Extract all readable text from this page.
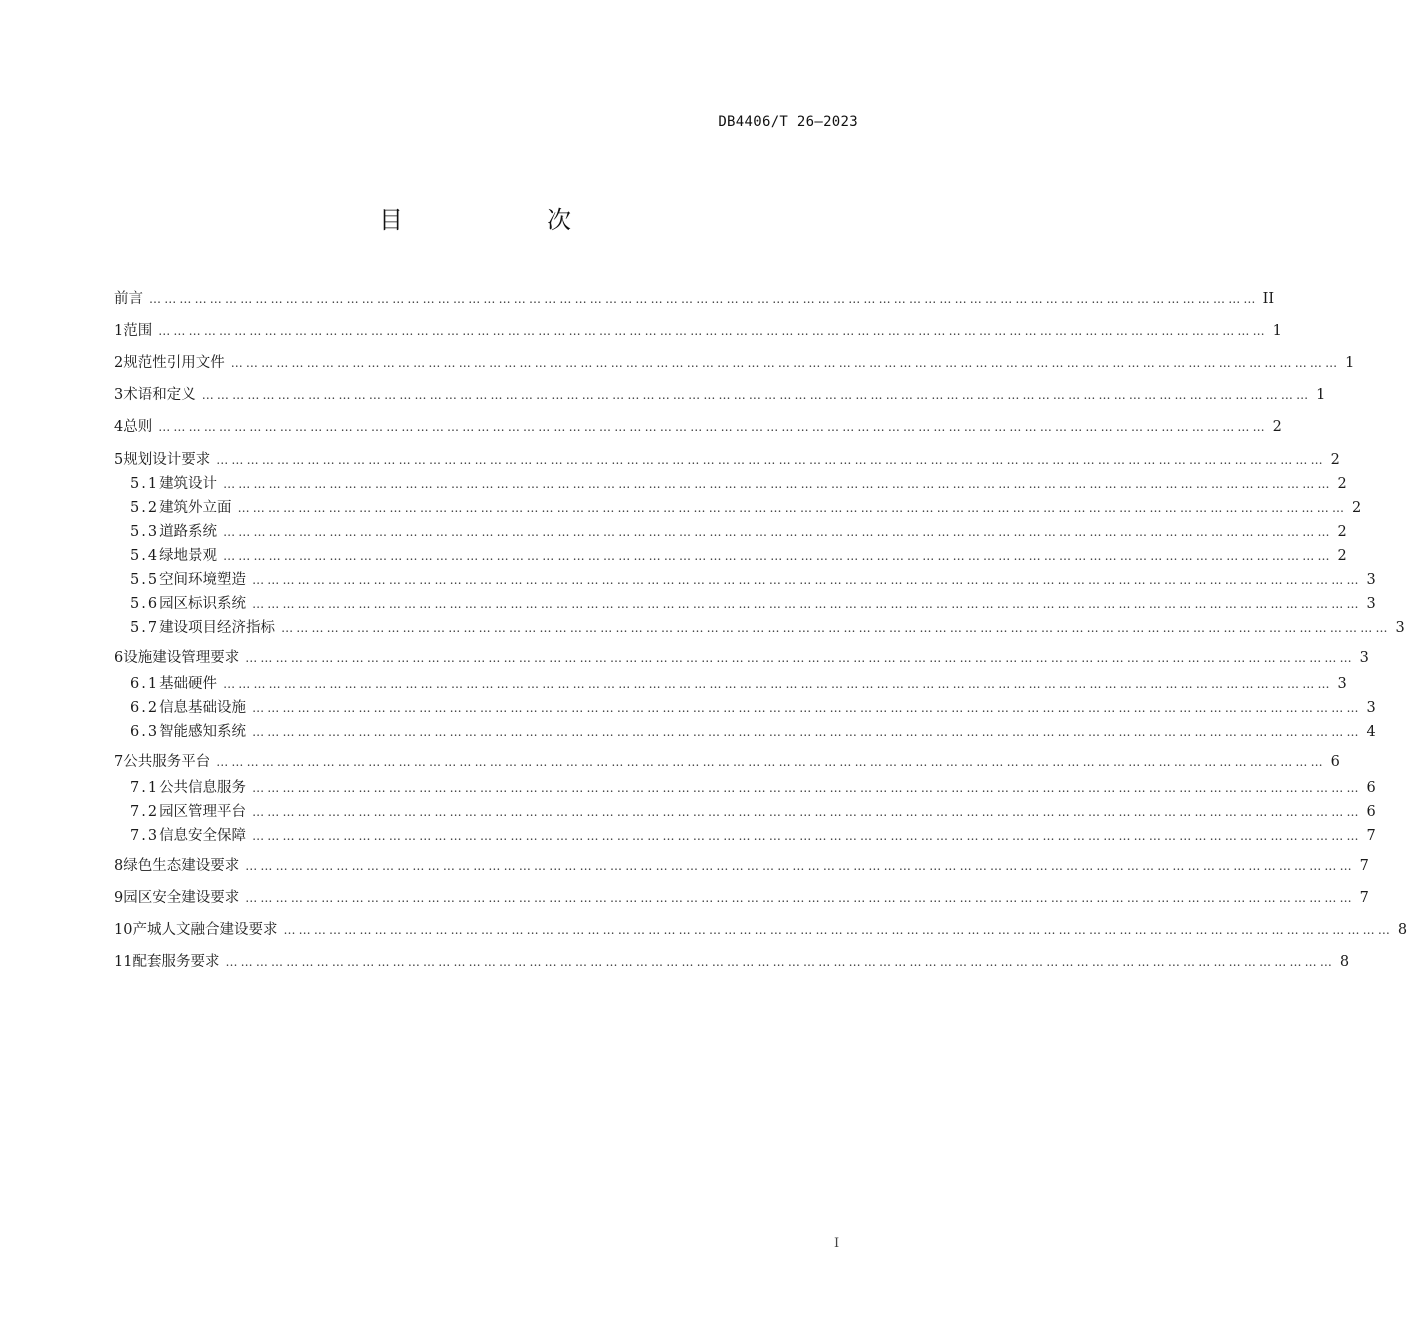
DB4406/T 26—2023
目　次
前言 ………………………………………………………………………………………………………………………………………………………………………………………………… II
1 范围 ………………………………………………………………………………………………………………………………………………………………………………………………… 1
2 规范性引用文件 ………………………………………………………………………………………………………………………………………………………………………………………………… 1
3 术语和定义 ………………………………………………………………………………………………………………………………………………………………………………………………… 1
4 总则 ………………………………………………………………………………………………………………………………………………………………………………………………… 2
5 规划设计要求 ………………………………………………………………………………………………………………………………………………………………………………………………… 2
5.1 建筑设计 ………………………………………………………………………………………………………………………………………………………………………………………………… 2
5.2 建筑外立面 ………………………………………………………………………………………………………………………………………………………………………………………………… 2
5.3 道路系统 ………………………………………………………………………………………………………………………………………………………………………………………………… 2
5.4 绿地景观 ………………………………………………………………………………………………………………………………………………………………………………………………… 2
5.5 空间环境塑造 ………………………………………………………………………………………………………………………………………………………………………………………………… 3
5.6 园区标识系统 ………………………………………………………………………………………………………………………………………………………………………………………………… 3
5.7 建设项目经济指标 ………………………………………………………………………………………………………………………………………………………………………………………………… 3
6 设施建设管理要求 ………………………………………………………………………………………………………………………………………………………………………………………………… 3
6.1 基础硬件 ………………………………………………………………………………………………………………………………………………………………………………………………… 3
6.2 信息基础设施 ………………………………………………………………………………………………………………………………………………………………………………………………… 3
6.3 智能感知系统 ………………………………………………………………………………………………………………………………………………………………………………………………… 4
7 公共服务平台 ………………………………………………………………………………………………………………………………………………………………………………………………… 6
7.1 公共信息服务 ………………………………………………………………………………………………………………………………………………………………………………………………… 6
7.2 园区管理平台 ………………………………………………………………………………………………………………………………………………………………………………………………… 6
7.3 信息安全保障 ………………………………………………………………………………………………………………………………………………………………………………………………… 7
8 绿色生态建设要求 ………………………………………………………………………………………………………………………………………………………………………………………………… 7
9 园区安全建设要求 ………………………………………………………………………………………………………………………………………………………………………………………………… 7
10 产城人文融合建设要求 ………………………………………………………………………………………………………………………………………………………………………………………………… 8
11 配套服务要求 ………………………………………………………………………………………………………………………………………………………………………………………………… 8
I
